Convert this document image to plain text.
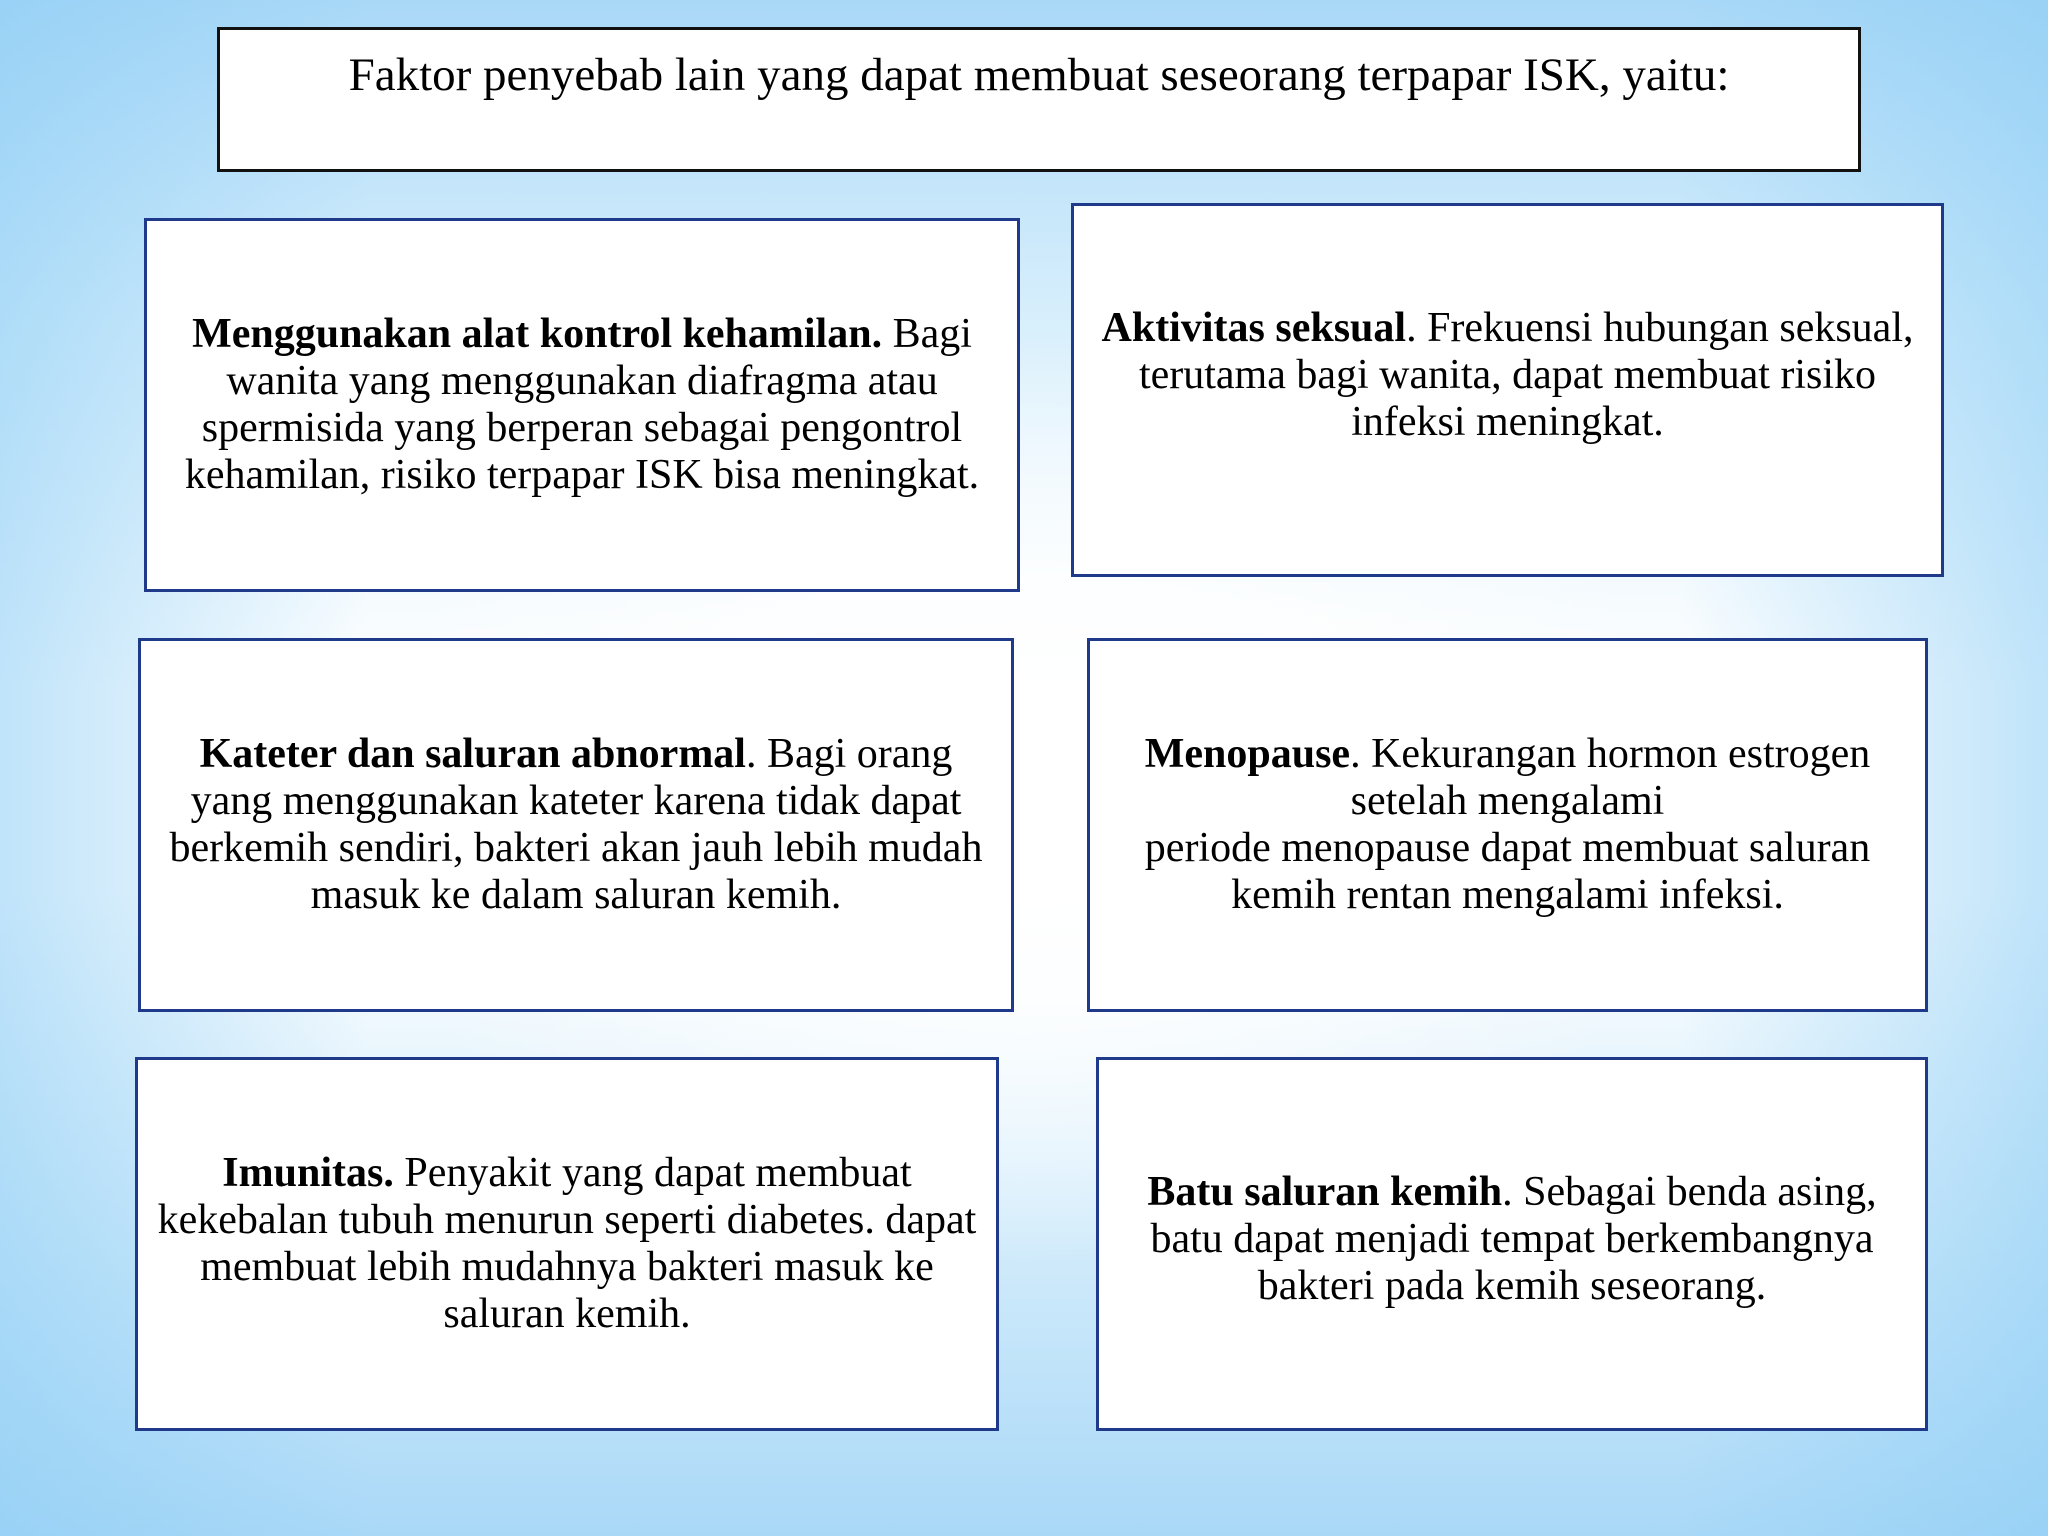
Faktor penyebab lain yang dapat membuat seseorang terpapar ISK, yaitu:

Menggunakan alat kontrol kehamilan. Bagi wanita yang menggunakan diafragma atau spermisida yang berperan sebagai pengontrol kehamilan, risiko terpapar ISK bisa meningkat.

Aktivitas seksual. Frekuensi hubungan seksual, terutama bagi wanita, dapat membuat risiko infeksi meningkat.

Kateter dan saluran abnormal. Bagi orang yang menggunakan kateter karena tidak dapat berkemih sendiri, bakteri akan jauh lebih mudah masuk ke dalam saluran kemih.

Menopause. Kekurangan hormon estrogen setelah mengalami
periode menopause dapat membuat saluran kemih rentan mengalami infeksi.

Imunitas. Penyakit yang dapat membuat kekebalan tubuh menurun seperti diabetes. dapat membuat lebih mudahnya bakteri masuk ke saluran kemih.

Batu saluran kemih. Sebagai benda asing, batu dapat menjadi tempat berkembangnya bakteri pada kemih seseorang.
